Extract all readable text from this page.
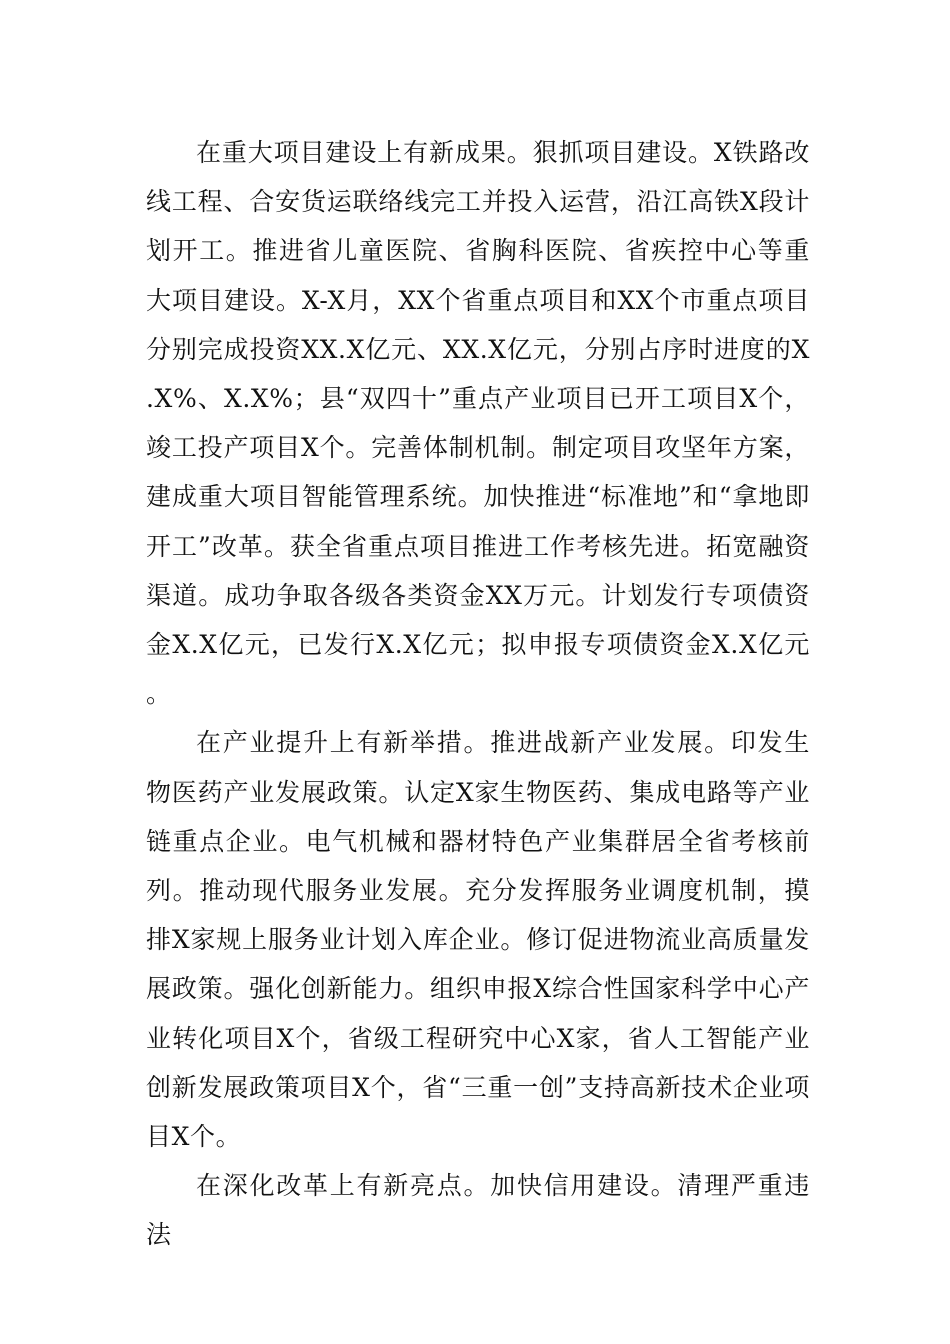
在重大项目建设上有新成果。狠抓项目建设。X铁路改线工程、合安货运联络线完工并投入运营，沿江高铁X段计划开工。推进省儿童医院、省胸科医院、省疾控中心等重大项目建设。X-X月，XX个省重点项目和XX个市重点项目分别完成投资XX.X亿元、XX.X亿元，分别占序时进度的X.X%、X.X%；县“双四十”重点产业项目已开工项目X个，竣工投产项目X个。完善体制机制。制定项目攻坚年方案，建成重大项目智能管理系统。加快推进“标准地”和“拿地即开工”改革。获全省重点项目推进工作考核先进。拓宽融资渠道。成功争取各级各类资金XX万元。计划发行专项债资金X.X亿元，已发行X.X亿元；拟申报专项债资金X.X亿元。

在产业提升上有新举措。推进战新产业发展。印发生物医药产业发展政策。认定X家生物医药、集成电路等产业链重点企业。电气机械和器材特色产业集群居全省考核前列。推动现代服务业发展。充分发挥服务业调度机制，摸排X家规上服务业计划入库企业。修订促进物流业高质量发展政策。强化创新能力。组织申报X综合性国家科学中心产业转化项目X个，省级工程研究中心X家，省人工智能产业创新发展政策项目X个，省“三重一创”支持高新技术企业项目X个。

在深化改革上有新亮点。加快信用建设。清理严重违法
